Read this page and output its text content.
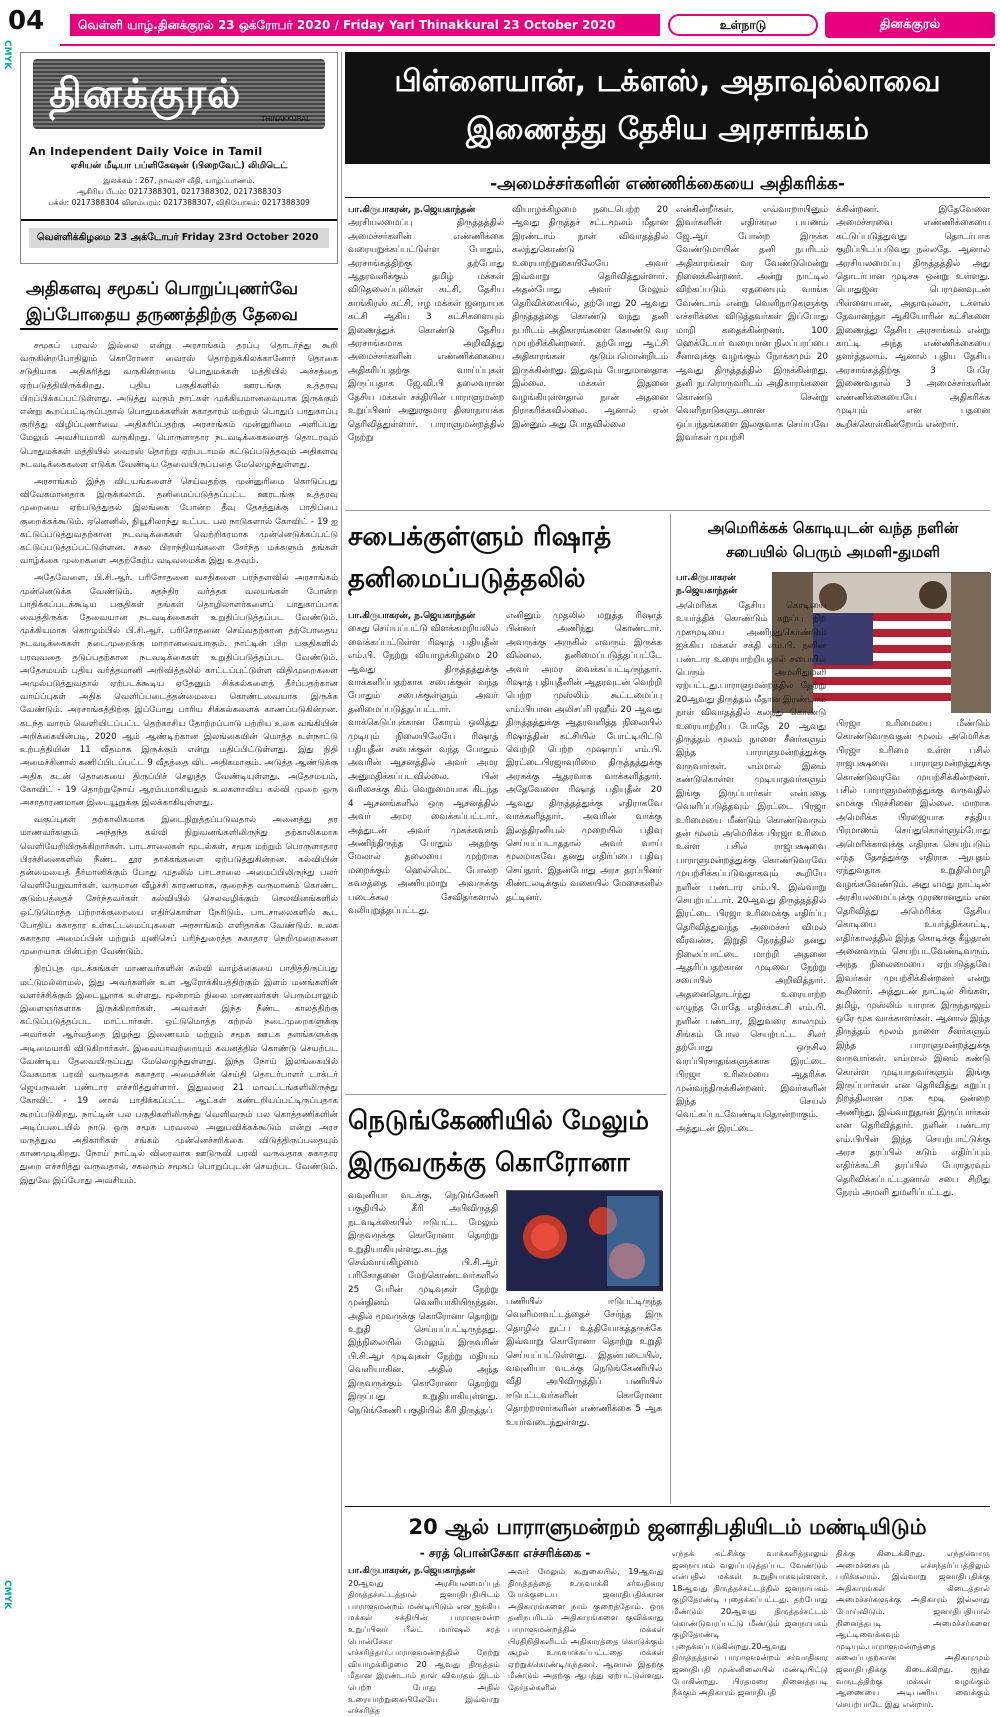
CMYK
CMYK
04	வெள்ளி யாழ்.தினக்குரல் 23 ஒக்ரோபர் 2020 / Friday Yarl Thinakkural 23 October 2020	உள்நாடு	தினக்குரல்
தினக்குரல்
THINAKKURAL
An Independent Daily Voice in Tamil
ஏசியன் மீடியா பப்ளிகேஷன் (பிறைவேட்) லிமிடெட்
இலக்கம் : 267, நாவலர் வீதி, யாழ்ப்பாணம்.
ஆசிரிய பீடம்: 0217388301, 0217388302, 0217388303
பக்ஸ்: 0217388304 விளம்பரம்: 0217388307, விநியோகம்: 0217388309
வெள்ளிக்கிழமை 23 அக்டோபர் Friday 23rd October 2020
அதிகளவு சமூகப் பொறுப்புணர்வே இப்போதைய தருணத்திற்கு தேவை

சமூகப் பரவல் இல்லை என்று அரசாங்கம் தரப்பு தொடர்ந்து கூறி வருகின்றபோதிலும் கொரோனா வைரஸ் தொற்றுக்கிலக்கானோர் தொகை சடுதியாக அதிகரித்து வருகின்றமை பொதுமக்கள் மத்தியில் அச்சத்தை ஏற்படுத்தியிருக்கிறது. புதிய பகுதிகளில் ஊரடங்கு உத்தரவு பிறப்பிக்கப்பட்டுள்ளது. அடுத்து வரும் நாட்கள் முக்கியமானவையாக இருக்கும் என்று கூறப்பட்டிருப்பதால் பொதுமக்களின் சுகாதாரம் மற்றும் பொதுப் பாதுகாப்பு குறித்து விழிப்புணர்வை அதிகரிப்பதற்கு அரசாங்கம் முன்னுரிமை அளிப்பது மேலும் அவசியமாகி வருகிறது. பொருளாதார நடவடிக்கைகளைத் தொடரவும் பொதுமக்கள் மத்தியில் வைரஸ் தொற்று ஏற்படாமல் கட்டுப்படுத்தவும் அதிகளவு நடவடிக்கைகளை எடுக்க வேண்டிய தேவையிருப்பதை மேலெழுந்துள்ளது.

அரசாங்கம் இந்த விடயங்களைச் செய்வதற்கு முன்னுரிமை கொடுப்பது விவேகமானதாக இருக்கலாம். தனிமைப்படுத்தப்பட்ட ஊரடங்கு உத்தரவு முறையை ஏற்படுத்துதல் இலங்கை போன்ற தீவு தேசத்துக்கு பாதிப்பை குறைக்கக்கூடும். ஏனெனில், நியூசிலாந்து உட்பட பல நாடுகளால் கோவிட் - 19 ஐ கட்டுப்படுத்துவதற்கான நடவடிக்கைகள் வெற்றிகரமாக முன்னெடுக்கப்பட்டு கட்டுப்படுத்தப்பட்டுள்ளன. சகல பிராந்தியங்களை சேர்ந்த மக்களும் தங்கள் வாழ்க்கை முறைகளை அதற்கேற்ப வடிவமைக்க இது உதவும்.

அதேவேளை, பி.சி.ஆர். பரிசோதனை வசதிகளை பரந்தளவில் அரசாங்கம் முன்னெடுக்க வேண்டும். சுதந்திர வர்த்தக வலயங்கள் போன்ற பாதிக்கப்படக்கூடிய பகுதிகள் தங்கள் தொழிலாளர்களைப் பாதுகாப்பாக வைத்திருக்க தேவையான நடவடிக்கைகள் உறுதிப்படுத்தப்பட வேண்டும். முக்கியமாக கொழும்பில் பி.சி.ஆர். பரிசோதனை செய்வதற்கான தற்போதைய நடவடிக்கைகள் நடைமுறைக்கு மாறானவையாகும். நாட்டின் பிற பகுதிகளில் பரவுவதை தடுப்பதற்கான நடவடிக்கைகள் உறுதிப்படுத்தப்பட வேண்டும். அதேசமயம் புதிய வர்த்தமானி அறிவித்தலில் காட்டப்பட்டுள்ள விதிமுறைகளை அமுல்படுத்துவதால் ஏற்படக்கூடிய ஏதேனும் சிக்கல்களைத் தீர்ப்பதற்கான வாய்ப்புகள் அதிக வெளிப்படைத்தன்மையை கொண்டவையாக இருக்க வேண்டும். அரசாங்கத்திற்கு இப்போது பாரிய சிக்கல்களைக் காணப்படுகின்றன. கடந்த வாரம் வெளியிடப்பட்ட தெற்காசிய தோற்றப்பாடு பற்றிய உலக வங்கியின் அறிக்கையின்படி, 2020 ஆம் ஆண்டிற்கான இலங்கையின் மொத்த உள்நாட்டு உற்பத்தியின் 11 வீதமாக இருக்கும் என்று மதிப்பிட்டுள்ளது. இது நிதி அமைச்சினால் கணிப்பிடப்பட்ட 9 வீதத்தை விட அதிகமாகும். அடுத்த ஆண்டுக்கு அதிக கடன் தொகையை திருப்பிச் செலுத்த வேண்டியுள்ளது. அதேசமயம், கோவிட் - 19 தொற்றுநோய் ஆரம்பமாகியதும் உலகளாவிய கல்வி முறை ஒரு அசாதாரணமான இடையூறுக்கு இலக்காகியுள்ளது.

வகுப்புகள் தற்காலிகமாக இடைநிறுத்தப்படுவதால் அனைத்து தர மாணவர்களும் அந்தந்த கல்வி நிறுவனங்களிலிருந்து தற்காலிகமாக வெளியேறியிருக்கிறார்கள். பாடசாலைகள் மூடல்கள், சமூக மற்றும் பொருளாதார பிரச்சினைகளில் நீண்ட தூர தாக்கங்களை ஏற்படுத்துகின்றன. கல்வியின் தன்மையைத் தீர்மானிக்கும் போது முதலில் பாடசாலை அமைப்பிலிருந்து பலர் வெளியேறுவார்கள். வருமான வீழ்ச்சி காரணமாக, குறைந்த வருமானம் கொண்ட குடும்பத்தைச் சேர்ந்தவர்கள் கல்வியில் செலவழிக்கும் செலவினங்களில் ஒட்டுமொத்த பற்றாக்குறையை எதிர்கொள்ள நேரிடும். பாடசாலைகளில் கூட போதிய சுகாதார உள்கட்டமைப்புகளை அரசாங்கம் எளிதாக்க வேண்டும். உலக சுகாதார அமைப்பின் மற்றும் யுனிசெப் பரிந்துரைத்த சுகாதார நெறிமுறைகளை முறையாக பின்பற்ற வேண்டும்.

நிரப்புத முடக்கங்கள் மாணவர்களின் கல்வி வாழ்க்கையை பாதித்திருப்பது மட்டுமல்லாமல், இது அவர்களின் உள ஆரோக்கியத்திற்கும் இளம் மனங்களின் வளர்ச்சிக்கும் இடையூறாக உள்ளது. மூன்றாம் நிலை மாணவர்கள் பெரும்பாலும் இளைஞர்களாக இருக்கிறார்கள். அவர்கள் இந்த நீண்ட காலத்திற்கு கட்டுப்படுத்தப்பட மாட்டார்கள். ஒட்டுமொத்த கற்றல் நடைமுறைகளுக்கு அவர்கள் ஆர்வத்தை இழந்து இணையம் மற்றும் சமூக ஊடக தளங்களுக்கு அடிமையாகி விடுகிறார்கள். இவையாவற்றையும் கவனத்தில் கொண்டு செயற்பட வேண்டிய தேவையிருப்பது மேலெழுந்துள்ளது. இந்த நோய் இலங்கையில் வேகமாக பரவி வருவதாக சுகாதார அமைச்சின் செய்தி தொடர்பாளர் டாக்டர் ஜெயருவன் பண்டார எச்சரித்துள்ளார். இதுவரை 21 மாவட்டங்களிலிருந்து கோவிட் - 19 னால் பாதிக்கப்பட்ட ஆட்கள் கண்டறியப்பட்டிருப்பதாக கூறப்படுகிறது. நாட்டின் பல பகுதிகளிலிருந்து வெளிவரும் பல கொத்தணிகளின் அடிப்படையில் நாடு ஒரு சமூக பரவலை அனுபவிக்கக்கூடும் என்று அரச மருத்துவ அதிகாரிகள் சங்கம் முன்னெச்சரிக்கை விடுத்திருப்பதையும் காணமுடிகிறது. நோய் நாட்டில் விரைவாக ஊடுருவி பரவி வருவதாக சுகாதார துறை எச்சரித்து வருவதால், சகலரும் சமூகப் பொறுப்புடன் செயற்பட வேண்டும். இதுவே இப்போது அவசியம்.

பிள்ளையான், டக்ளஸ், அதாவுல்லாவை
இணைத்து தேசிய அரசாங்கம்
-அமைச்சர்களின் எண்ணிக்கையை அதிகரிக்க-
பா.கிருபாகரன், ந.ஜெயகாந்தன்

அரசியலமைப்பு திருத்தத்தில் அமைச்சர்களின் எண்ணிக்கை வரையறுக்கப்பட்டுள்ள போதும், அரசாங்கத்திற்கு தற்போது ஆதரவளிக்கும் தமிழ் மக்கள் விடுதலைப்புலிகள் கட்சி, தேசிய காங்கிரஸ் கட்சி, ஈழ மக்கள் ஜனநாயக கட்சி ஆகிய 3 கட்சிகளையும் இணைத்துக் கொண்டு தேசிய அரசாங்கமாக அறிவித்து அமைச்சர்களின் எண்ணிக்கையை அதிகரிப்பதற்கு வாய்ப்புகள் இருப்பதாக ஜே.வி.பி தலைவரான தேசிய மக்கள் சக்தியின் பாராளுமன்ற உறுப்பினர் அனுரகுமார திஸாநாயக்க தெரிவித்துள்ளார். பாராளுமன்றத்தில் நேற்று

வியாழக்கிழமை நடைபெற்ற 20 ஆவது திருத்தச் சட்டமூலம் மீதான இரண்டாம் நாள் விவாதத்தில் கலந்துகொண்டு உரையாற்றுகையிலேயே அவர் இவ்வாறு தெரிவித்துள்ளார். அதன்போது அவர் மேலும் தெரிவிக்கையில், தற்போது 20 ஆவது திருத்தத்தை கொண்டு வந்து தனி நபரிடம் அதிகாரங்களை கொண்டு வர முயற்சிக்கின்றனர். தற்போது ஆட்சி அதிகாரங்கள் குடும்பமொன்றிடம் இருக்கின்றது. இதுவும் போதுமானதாக இல்லை. மக்கள் இதனை வழங்கியுள்ளதால் நான் அதனை நிராகரிக்கவில்லை. ஆனால் ஏன் இன்னும் அது போதவில்லை

என்கின்றீர்கள். எவ்வாறாயினும் இவர்களின் எதிர்கால பயணம் ஜே.ஆர் போன்ற இருக்க வேண்டுமாயின் தனி நபரிடம் அதிகாரங்கள் வர வேண்டுமென்று நினைக்கின்றனர். அன்று நாட்டில் விற்கப்படும் ஏதனையும் வாங்க வேண்டாம் என்று வெளிநாடுகளுக்கு எச்சரிக்கை விடுத்தவர்கள் இப்போது மாறி கதைக்கின்றனர். 100 ஹெக்டேயர் வரையான நிலப்பரப்பை சீனாவுக்கு வழங்கும் நோக்கமும் 20 ஆவது திருத்தத்தில் இருக்கின்றது. தனி நபரொருவரிடம் அதிகாரங்களை கொண்டு சென்று வெளிநாடுகளுடனான ஒப்பந்தங்களை இலகுவாக செய்யவே இவர்கள் முயற்சி

க்கின்றனர். இதேவேளை அமைச்சரவை எண்ணிக்கையை கட்டுப்படுத்துவது தொடர்பாக குறிப்பிடப்படுவது நல்லதே. ஆனால் அரசியலமைப்பு திருத்தத்தில் அது தொடர்பான முடிசசு ஒன்று உள்ளது. பொதுஜன பெரமுனவுடன் பிள்ளையான், அதாவுல்லா, டக்ளஸ் தேவானந்தா ஆகியோரின் கட்சிகளை இணைத்து தேசிய அரசாங்கம் என்று காட்டி அந்த எண்ணிக்கையை தளர்த்தலாம். ஆனால் புதிய தேசிய அரசாங்கத்திற்கு 3 பேரே இணைவதால் 3 அமைச்சர்களின் எண்ணிக்கையையே அதிகரிக்க முடியும் என பதனை கூறிக்கொள்கின்றோம் என்றார்.

சபைக்குள்ளும் ரிஷாத்
தனிமைப்படுத்தலில்
பா.கிருபாகரன், ந.ஜெயகாந்தன்

கைது செய்யப்பட்டு விளக்கமறியலில் வைக்கப்பட்டுள்ள ரிஷாத் பதியுதீன் எம்.பி. நேற்று வியாழக்கிழமை 20 ஆவது திருத்தத்துக்கு வாக்களிப்பதற்காக சபைக்குள் வந்த போதும் சபைக்குள்ளும் அவர் தனிமைப்படுத்தப்பட்டார். வாக்கெடுப்புக்கான கோரம் ஒலித்து முடியும் நிலையிலேயே ரிஷாத் பதியுதீன் சபைக்குள் வந்த போதும் அவரின் ஆசனத்தில் அவர் அமர அனுமதிக்கப்படவில்லை. பின் வரிசைக்கு கிம் வெறுமையாக கிடந்த 4 ஆசனங்களில் ஒரு ஆசனத்தில் அவர் அமர வைக்கப்பட்டார். அத்துடன் அவர் முகக்கவசம் அணிந்திருந்த போதும் அதற்கு மேலால் தலையை முற்றாக மறைக்கும் ஹெல்மெட் போன்ற கவசத்தை அணியுமாறு அவருக்கு படைக்கல சேவிதர்களால் வலியுறுத்தப்பட்டது.

எனினும் முதலில் மறுத்த ரிஷாத் பின்னர் அணிந்து கொண்டார். அவருக்கு அருகில் எவரும் இருக்க வில்லை. தனிமைப்படுத்தப்பட்டே அவர் அமர வைக்கப்பட்டிருந்தார். ரிஷாத் பதியுதீனின் ஆதரவுடன் வெற்றி பெற்ற முஸ்லிம் கூட்டமைப்பு எம்.பியான அலிசப்ரி ரஹீம் 20 ஆவது திருத்தத்துக்கு ஆதரவளித்த நிலையில் ரிஷாத்தின் கட்சியில் போட்டியிட்டு வெற்றி பெற்ற முஷாரப் எம்.பி. இரட்டைபிரஜாவுரிமை திருத்தத்துக்கு அரசுக்கு ஆதரவாக வாக்களித்தார். அதேவேளை ரிஷாத் பதியுதீன் 20 ஆவது திருத்தத்துக்கு எதிராகவே வாக்களித்தார். அவரின் வாக்கு இலத்திரனியல் முறையில் பதிவு செய்யப்படாததால் அவர் வாய் மூலமாகவே தனது எதிர்ப்பை பதிவு செய்தார். இதன்போது அரச தரப்பினர் கிண்டலடிக்கும் வகையில் மேசைகளில் தட்டினர்.

அமெரிக்கக் கொடியுடன் வந்த நளின்
சபையில் பெரும் அமளி-துமளி
பா.கிருபாகரன் ந.ஜெயகாந்தன்

அமெரிக்க தேசிய கொடியை உயர்த்திக் கொண்டும் கறுப்பு நிற முகமூடியை அணிந்துகொண்டும் ஐக்கிய மக்கள் சக்தி எம்.பி. நளின் பண்டார உரையாற்றியதால் சபையில் பெரும் அமளிதுமளி ஏற்பட்டது.பாராளுமன்றத்தில் நேற்று 20ஆவது திருத்தம் மீதான இரண்டாம் நாள் விவாதத்தில் கலந்து கொண்டு உரையாற்றிய போதே 20 ஆவது திருத்தம் மூலம் நாளை சீனர்களும் இந்த பாராளுமன்றத்துக்கு வருவார்கள். எம்மால் இனம் கண்டுகொள்ள முடியாதவர்களும் இங்கு இருப்பார்கள் என்பதை வெளிப்படுத்தவும் இரட்டை பிரஜா உரிமையை மீண்டும் கொண்டுவரும் தன் மூலம் அமெரிக்க பிரஜா உரிமை உள்ள பசில் ராஜபக்ஷவை பாராளுமன்றத்துக்கு கொண்டுவரவே முயற்சிக்கப்படுவதாகவும் கூறியே நளின் பண்டார எம்.பி. இவ்வாறு செயற்பட்டார். 20ஆவது திருத்தத்தில் இரட்டை பிரஜா உரிமைக்கு எதிர்ப்பு தெரிவித்துவந்த அமைச்சர் விமல் வீரவன்ச, இறுதி நேரத்தில் தனது நிலைப்பாட்டை மாற்றி அதனை ஆதரிப்பதற்கான முடிவை நேற்று சபையில் அறிவித்தார். அதனைதொடர்ந்து உரையாற்ற எழுந்த போதே எதிர்க்கட்சி எம்.பி. நளின் பண்டார, இதுவரை காலமும் சிங்கம் போல செயற்பட்ட சிலர் தற்போது ஒருசில வரப்பிரசாதங்களுக்காக இரட்டை பிரஜா உரிமையை ஆதரிக்க முன்வந்திருக்கின்றனர். இவர்களின் இந்த செயல் வெட்கப்படவேண்டியதொன்றாகும். அத்துடன் இரட்டை

பிரஜா உரிமையை மீண்டும் கொண்டுவருவதன் மூலம் அமெரிக்க பிரஜா உரிமை உள்ள பசில் ராஜபக்ஷவை பாராளுமன்றத்துக்கு கொண்டுவரவே முயற்சிக்கின்றனர். பசில் பாராளுமன்றத்துக்கு வருவதில் எமக்கு பிரச்சினை இல்லை. மாறாக அமெரிக்க பிரஜையாக சத்திய பிரமாணம் செய்துகொள்ளும்போது அமெரிக்காவுக்கு எதிராக செயற்படும் எந்த தேசத்துக்கு எதிராக ஆயுதம் ஏந்துவதாக உறுதிமொழி வழங்கவேண்டும். அது எமது நாட்டின் அரசியலமைப்புக்கு முரணானதும் என தெரிவித்து அமெரிக்க தேசிய கொடியை உயர்த்திக்காட்டி, எதிர்காலத்தில் இந்த கொடிக்கு கீழ்தான் அனைவரும் செயற்படவேண்டிவரும். அந்த நிலைமையை ஏற்படுத்தவே இவர்கள் முயற்சிக்கின்றனர் என்று கூறினார். அத்துடன் நாட்டில் சிங்கள, தமிழ், முஸ்லிம் யாராக இருந்தாலும் ஒரே மூக வாக்காளர்கள். ஆனால் இந்த திருத்தம் மூலம் நாளை சீனர்களும் இந்த பாராளுமன்றத்துக்கு வருவார்கள். எம்மால் இனம் கண்டு கொள்ள முடியாதவர்களும் இங்கு இருப்பார்கள் என தெரிவித்து கறுப்பு நிறத்திலான முக மூடி ஒன்றை அணிந்து, இவ்வாறுதான் இருப்பார்கள் என தெரிவித்தார். நளின் பண்டார எம்.பியின் இந்த செயற்பாட்டுக்கு அரச தரப்பில் கடும் எதிர்ப்பும் எதிர்க்கட்சி தரப்பில் பேராதரவும் தெரிவிக்கப்பட்டதனால் சபை சிறிது நேரம் அமளி துமளிப்பட்டது.

நெடுங்கேணியில் மேலும்
இருவருக்கு கொரோனா

வவுனியா வடக்கு, நெடுங்கேணி பகுதியில் கீரி அபிவிருத்தி நடவடிக்கையில் ஈடுபட்ட மேலும் இருவருக்கு கொரோனா தொற்று உறுதியாகியுள்ளது.கடந்த செவ்வாய்கிழமை பி.சி.ஆர் பரிசோதனை மேற்கொண்டவர்களில் 25 பேரின் முடிவுகள் நேற்று முன்தினம் வெளியாகியிருந்தன. அதில் மூவருக்கு கொரோனா தொற்று உறுதி செய்யப்பட்டிருந்தது. இந்நிலையில் மேலும் இருவரின் பி.சி.ஆர் முடிவுகள் நேற்று மதியம் வெளியாகின. அதில் அந்த இருவருக்கும் கொரோனா தொற்று இருப்பது உறுதியாகியுள்ளது. நெடுங்கேணி பகுதியில் கீரி திருத்தப்

பணியில் ஈடுபட்டிருந்த வெளிமாவட்டத்தைச் சேர்ந்த இரு தொழில் நுட்ப உத்தியோகத்தருக்கே இவ்வாறு கொரோனா தொற்று உறுதி செய்யப்பட்டுள்ளது. இதன்படையில், வவுனியா வடக்கு நெடுங்கேணியில் வீதி அபிவிருத்திப் பணியில் ஈடுபட்டவர்களின் கொரோனா தொற்றாளர்களின் எண்ணிக்கை 5 ஆக உயர்வடைந்துள்ளது.

20 ஆல் பாராளுமன்றம் ஜனாதிபதியிடம் மண்டியிடும்
- சரத் பொன்சேகா எச்சரிக்கை -
பா.கிருபாகரன், ந.ஜெயகாந்தன்

20ஆவது அரசியலமைப்புத் திருத்தச்சட்டத்தால் ஜனாதிபதியிடம் பாராளுமன்றம் மண்டியிடும் என ஐக்கிய மக்கள் சக்தியின் பாராளுமன்ற உறுப்பினர் பீல்ட் மார்ஷல் சரத் பொன்சேகா எச்சரித்தார்.பாராளுமன்றத்தில் நேற்று வியாழக்கிழமை 20 ஆவது திருத்தம் மீதான இரண்டாம் நாள் விவாதம் இடம் பெற்ற போது அதில் உரையாற்றுகையிலேயே இவ்வாறு எச்சரித்த

அவர் மேலும் கூறுகையில், 19ஆவது திருத்தத்தை உருவாக்கி சர்வதிகார போக்குடைய ஜனாதிபதிக்கான அதிகாரங்களை நாம் குறைத்தோம். ஒரு தனிநபரிடம் அதிகாரங்களை குவிக்காது பாராளுமன்றத்தில் மக்கள் பிரதிநிதிகளிடம் அதிகாரத்தை கொடுக்கும் சூழல் உருவாக்கப்பட்டதை மக்கள் ஏற்றுக்கொண்டிருந்தனர். ஆனால் இதற்கு மீண்டும் அதற்கு ஆபத்து ஏற்பட்டுள்ளது. தேர்தல்களில்

எந்தக் கட்சிக்கு வாக்களித்தாலும் ஜனநாயகம் வலுப்படுத்தப்பட வேண்டும் என்பதில் மக்கள் உறுதியாகவுள்ளனர். 18ஆவது திருத்தச்சட்டத்தில் ஜனநாயகம் குழிதோண்டி புதைக்கப்பட்டது. தற்போது மீண்டும் 20ஆவது திருத்தச்சட்டம் கொண்டுவரப்பட்டு மீண்டும் ஜனநாயகம் குழிதோண்டி புதைக்கப்படுகின்றது.20ஆவது திருத்தத்தால் பாராளுமன்றம் சர்வாதிகார ஜனாதிபதி முன்னிலையில் மண்டியிட்டு போகின்றது. பிரதமரை நினைத்தபடி நீக்கும் அதிகாரம் ஜனாதிபதி

திக்கு கிடைக்கிறது. எந்தவொரு அமைச்சையும் எச்சந்தர்ப்பத்திலும் பறிக்கலாம். இவ்வாறு ஜனாதிபதிக்கு அதிகாரங்கள் கிடைத்தால் அமைச்சர்களுக்கு அதிகாரம் இல்லாது போய்விடும். ஜனாதிபதியால் நினைத்தபடி அமைச்சர்களை ஆட்டிவைக்கவும் முடியும்.பாராளுமன்றத்தை கலைப்பதற்கான அதிகாரமும் ஜனாதிபதிக்கு கிடைக்கிறது. ஐந்து வருடத்திற்கு மக்கள் வழங்கும் ஆணையை அடிபணிய வைக்கும் செயற்பாடே இது என்றார்.
